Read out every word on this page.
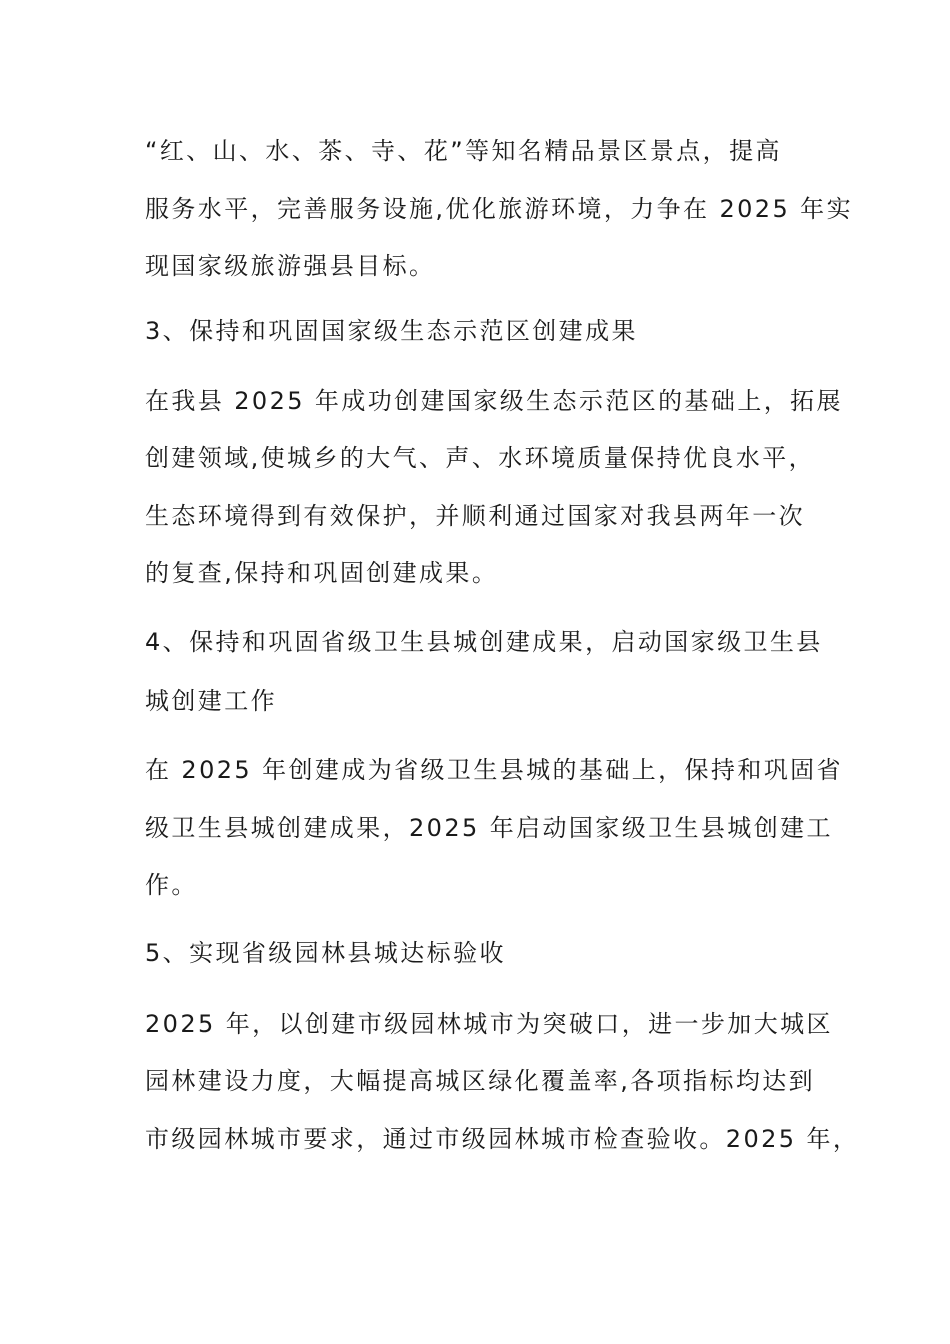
“红、山、水、茶、寺、花”等知名精品景区景点，提高
服务水平，完善服务设施,优化旅游环境，力争在 2025 年实
现国家级旅游强县目标。
3、保持和巩固国家级生态示范区创建成果
在我县 2025 年成功创建国家级生态示范区的基础上，拓展
创建领域,使城乡的大气、声、水环境质量保持优良水平，
生态环境得到有效保护，并顺利通过国家对我县两年一次
的复查,保持和巩固创建成果。
4、保持和巩固省级卫生县城创建成果，启动国家级卫生县
城创建工作
在 2025 年创建成为省级卫生县城的基础上，保持和巩固省
级卫生县城创建成果，2025 年启动国家级卫生县城创建工
作。
5、实现省级园林县城达标验收
2025 年，以创建市级园林城市为突破口，进一步加大城区
园林建设力度，大幅提高城区绿化覆盖率,各项指标均达到
市级园林城市要求，通过市级园林城市检查验收。2025 年，
